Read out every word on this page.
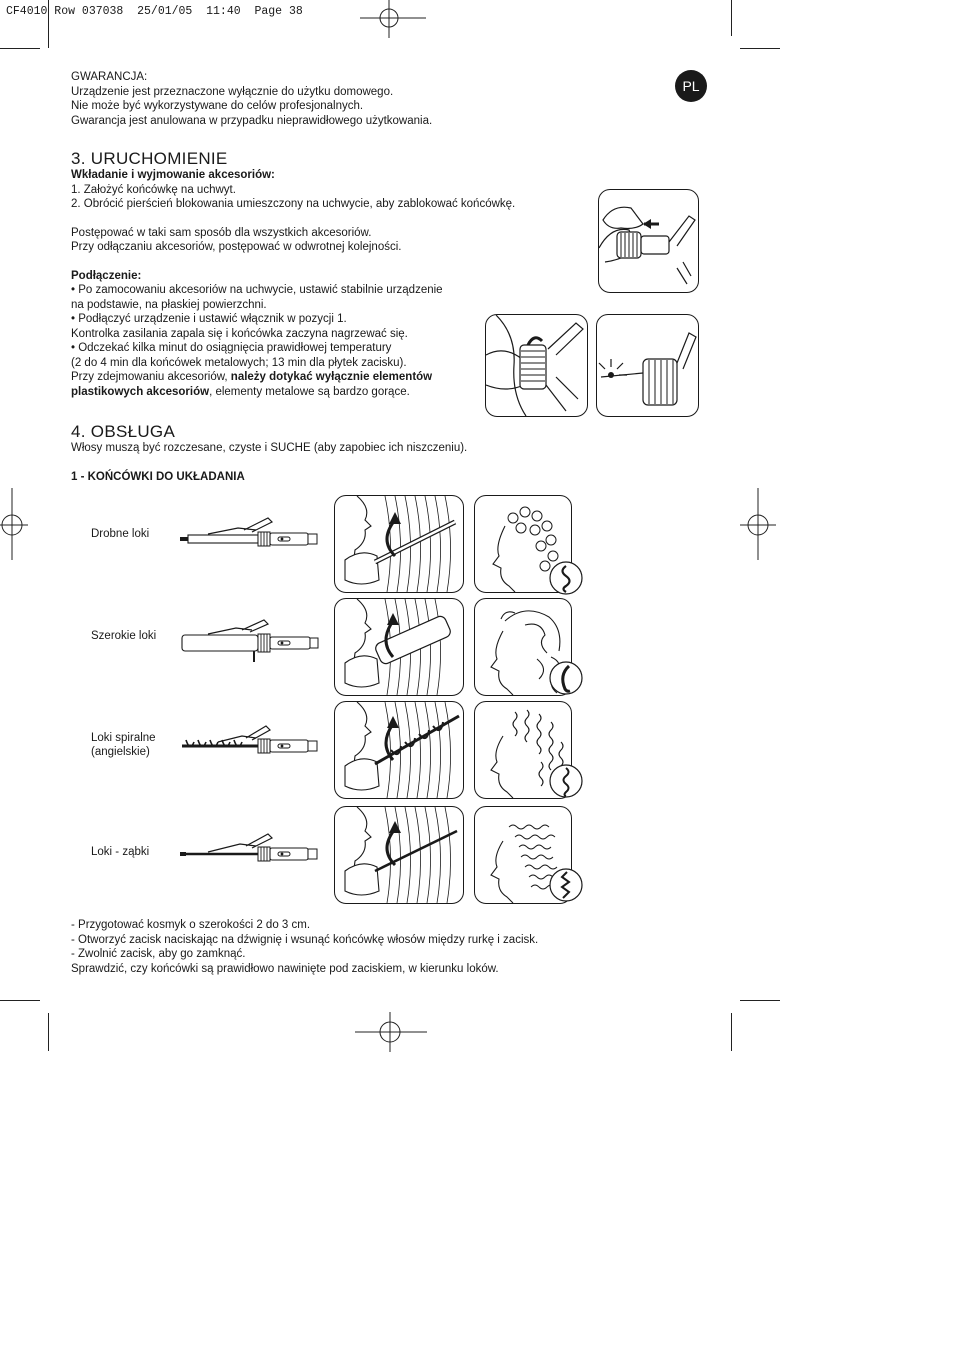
CF4010 Row 037038  25/01/05  11:40  Page 38
PL
GWARANCJA:
Urządzenie jest przeznaczone wyłącznie do użytku domowego.
Nie może być wykorzystywane do celów profesjonalnych.
Gwarancja jest anulowana w przypadku nieprawidłowego użytkowania.
3. URUCHOMIENIE
Wkładanie i wyjmowanie akcesoriów:
1. Założyć końcówkę na uchwyt.
2. Obrócić pierścień blokowania umieszczony na uchwycie, aby zablokować końcówkę.
Postępować w taki sam sposób dla wszystkich akcesoriów.
Przy odłączaniu akcesoriów, postępować w odwrotnej kolejności.
Podłączenie:
• Po zamocowaniu akcesoriów na uchwycie, ustawić stabilnie urządzenie
na podstawie, na płaskiej powierzchni.
• Podłączyć urządzenie i ustawić włącznik w pozycji 1.
Kontrolka zasilania zapala się i końcówka zaczyna nagrzewać się.
• Odczekać kilka minut do osiągnięcia prawidłowej temperatury
(2 do 4 min dla końcówek metalowych; 13 min dla płytek zacisku).
Przy zdejmowaniu akcesoriów, należy dotykać wyłącznie elementów
plastikowych akcesoriów, elementy metalowe są bardzo gorące.
4. OBSŁUGA
Włosy muszą być rozczesane, czyste i SUCHE (aby zapobiec ich niszczeniu).
1 - KOŃCÓWKI DO UKŁADANIA
Drobne loki
Szerokie loki
Loki spiralne
(angielskie)
Loki - ząbki
- Przygotować kosmyk o szerokości 2 do 3 cm.
- Otworzyć zacisk naciskając na dźwignię i wsunąć końcówkę włosów między rurkę i zacisk.
- Zwolnić zacisk, aby go zamknąć.
Sprawdzić, czy końcówki są prawidłowo nawinięte pod zaciskiem, w kierunku loków.
